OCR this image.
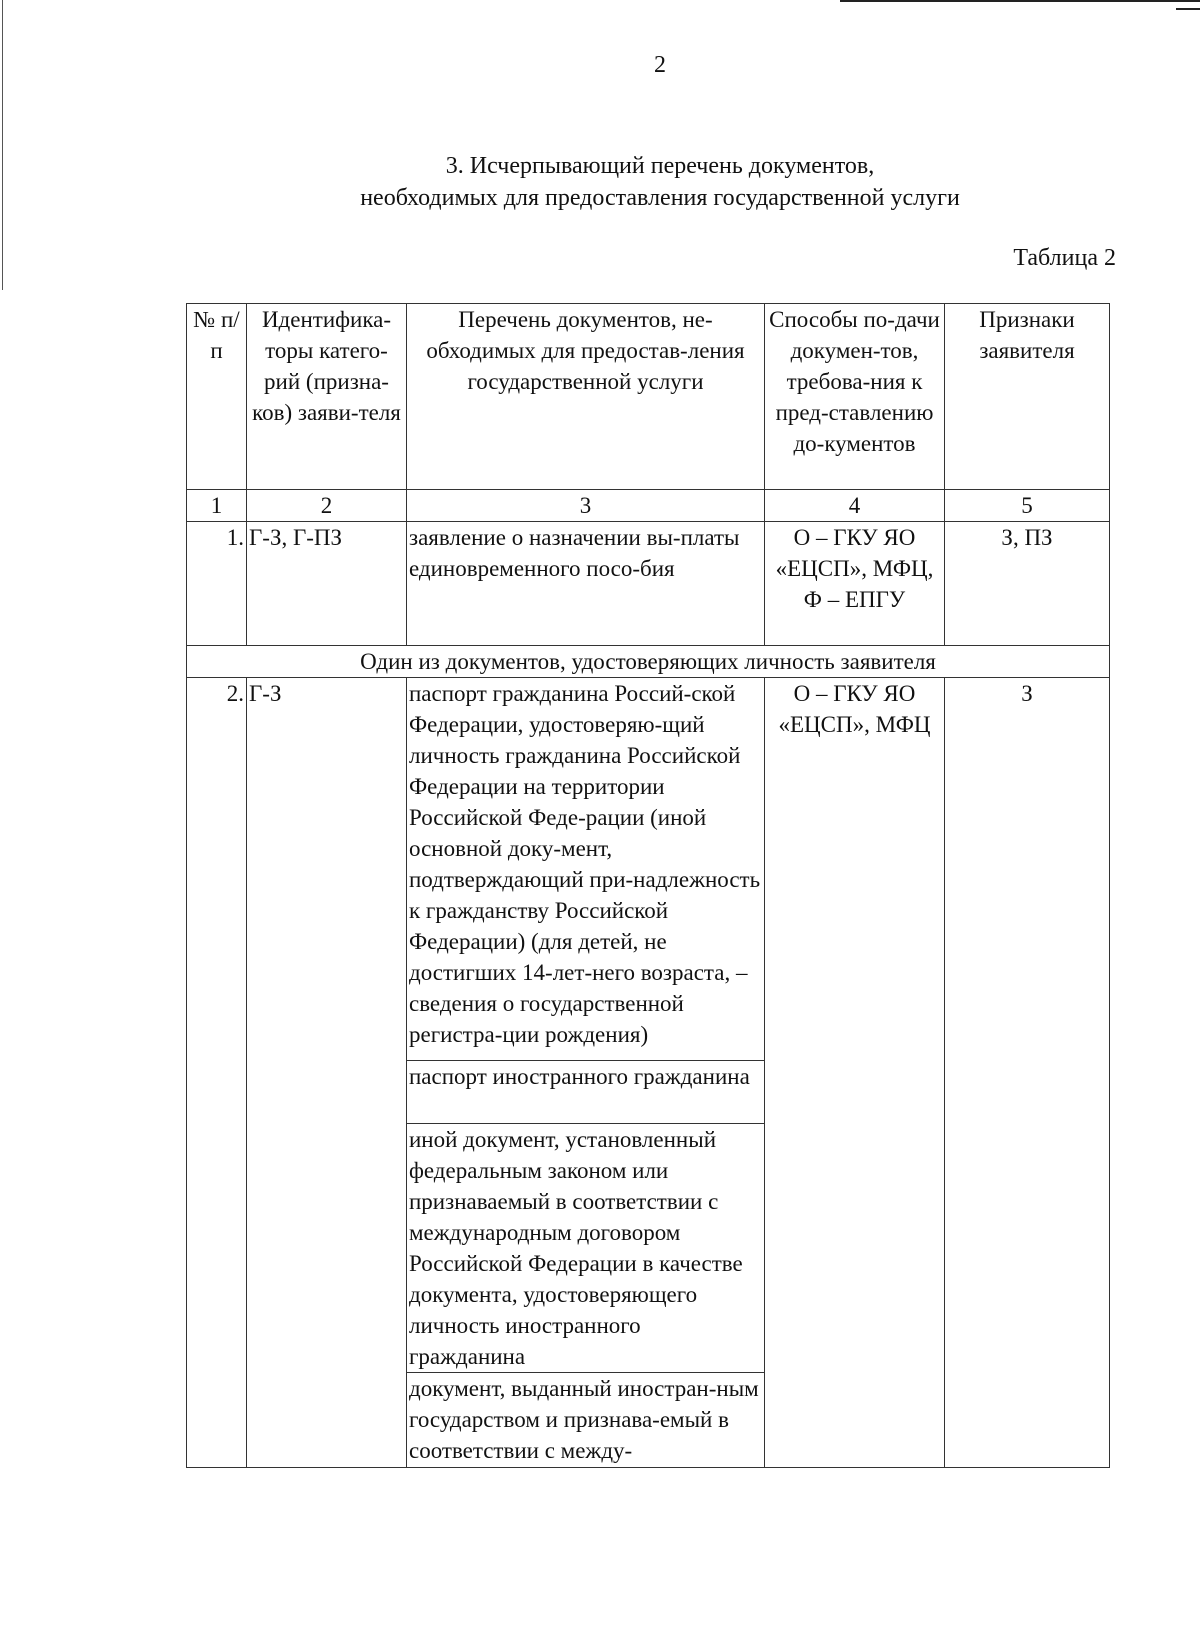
2
3. Исчерпывающий перечень документов,
необходимых для предоставления государственной услуги
Таблица 2
№ п/п	Идентифика-торы катего-рий (призна-ков) заяви-теля	Перечень документов, не-обходимых для предостав-ления государственной услуги	Способы по-дачи докумен-тов, требова-ния к пред-ставлению до-кументов	Признаки заявителя
1	2	3	4	5
1.	Г-З, Г-ПЗ	заявление о назначении вы-платы единовременного посо-бия	О – ГКУ ЯО «ЕЦСП», МФЦ, Ф – ЕПГУ	З, ПЗ
Один из документов, удостоверяющих личность заявителя				
2.	Г-З	паспорт гражданина Россий-ской Федерации, удостоверяю-щий личность гражданина Российской Федерации на территории Российской Феде-рации (иной основной доку-мент, подтверждающий при-надлежность к гражданству Российской Федерации) (для детей, не достигших 14-лет-него возраста, – сведения о государственной регистра-ции рождения)	О – ГКУ ЯО «ЕЦСП», МФЦ	З
		паспорт иностранного гражданина		
		иной документ, установленный федеральным законом или признаваемый в соответствии с международным договором Российской Федерации в качестве документа, удостоверяющего личность иностранного гражданина		
		документ, выданный иностран-ным государством и признава-емый в соответствии с между-		
